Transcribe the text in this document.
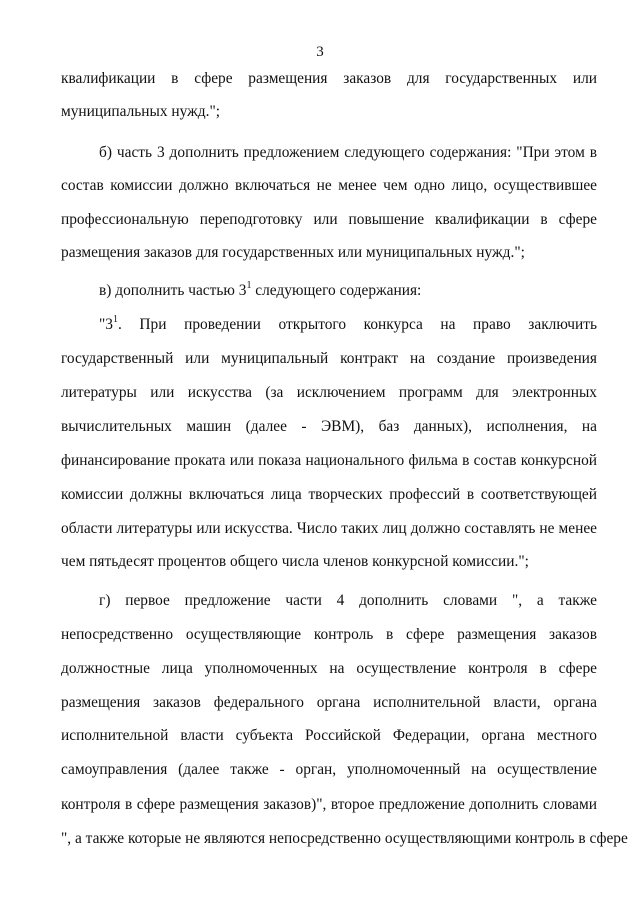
3
квалификации в сфере размещения заказов для государственных или
муниципальных нужд.";
б) часть 3 дополнить предложением следующего содержания: "При этом в
состав комиссии должно включаться не менее чем одно лицо, осуществившее
профессиональную переподготовку или повышение квалификации в сфере
размещения заказов для государственных или муниципальных нужд.";
в) дополнить частью $3^1$ следующего содержания:
"$3^1$. При проведении открытого конкурса на право заключить
государственный или муниципальный контракт на создание произведения
литературы или искусства (за исключением программ для электронных
вычислительных машин (далее - ЭВМ), баз данных), исполнения, на
финансирование проката или показа национального фильма в состав конкурсной
комиссии должны включаться лица творческих профессий в соответствующей
области литературы или искусства. Число таких лиц должно составлять не менее
чем пятьдесят процентов общего числа членов конкурсной комиссии.";
г) первое предложение части 4 дополнить словами ", а также
непосредственно осуществляющие контроль в сфере размещения заказов
должностные лица уполномоченных на осуществление контроля в сфере
размещения заказов федерального органа исполнительной власти, органа
исполнительной власти субъекта Российской Федерации, органа местного
самоуправления (далее также - орган, уполномоченный на осуществление
контроля в сфере размещения заказов)", второе предложение дополнить словами
", а также которые не являются непосредственно осуществляющими контроль в сфере
